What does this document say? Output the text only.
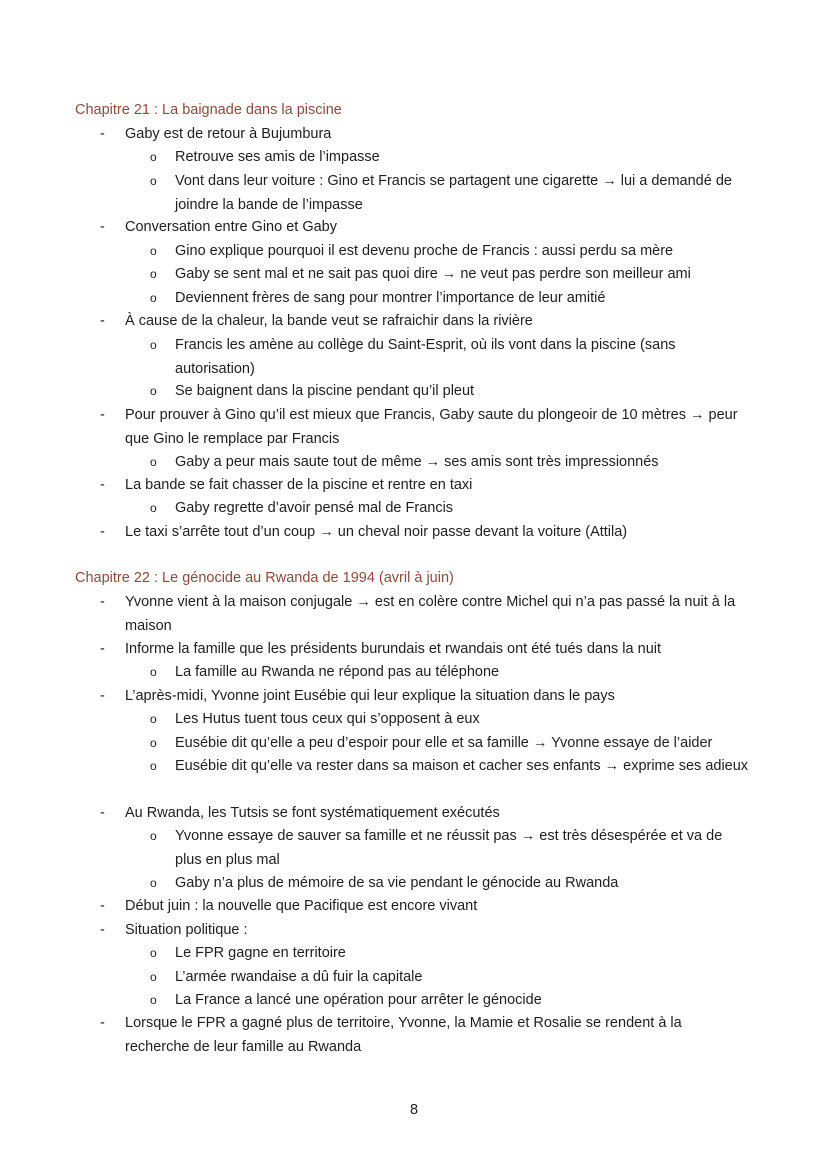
Chapitre 21 : La baignade dans la piscine
-	Gaby est de retour à Bujumbura
o	Retrouve ses amis de l’impasse
o	Vont dans leur voiture : Gino et Francis se partagent une cigarette → lui a demandé de joindre la bande de l’impasse
-	Conversation entre Gino et Gaby
o	Gino explique pourquoi il est devenu proche de Francis : aussi perdu sa mère
o	Gaby se sent mal et ne sait pas quoi dire → ne veut pas perdre son meilleur ami
o	Deviennent frères de sang pour montrer l’importance de leur amitié
-	À cause de la chaleur, la bande veut se rafraichir dans la rivière
o	Francis les amène au collège du Saint-Esprit, où ils vont dans la piscine (sans autorisation)
o	Se baignent dans la piscine pendant qu’il pleut
-	Pour prouver à Gino qu’il est mieux que Francis, Gaby saute du plongeoir de 10 mètres → peur que Gino le remplace par Francis
o	Gaby a peur mais saute tout de même → ses amis sont très impressionnés
-	La bande se fait chasser de la piscine et rentre en taxi
o	Gaby regrette d’avoir pensé mal de Francis
-	Le taxi s’arrête tout d’un coup → un cheval noir passe devant la voiture (Attila)
Chapitre 22 : Le génocide au Rwanda de 1994 (avril à juin)
-	Yvonne vient à la maison conjugale → est en colère contre Michel qui n’a pas passé la nuit à la maison
-	Informe la famille que les présidents burundais et rwandais ont été tués dans la nuit
o	La famille au Rwanda ne répond pas au téléphone
-	L’après-midi, Yvonne joint Eusébie qui leur explique la situation dans le pays
o	Les Hutus tuent tous ceux qui s’opposent à eux
o	Eusébie dit qu’elle a peu d’espoir pour elle et sa famille → Yvonne essaye de l’aider
o	Eusébie dit qu’elle va rester dans sa maison et cacher ses enfants → exprime ses adieux
-	Au Rwanda, les Tutsis se font systématiquement exécutés
o	Yvonne essaye de sauver sa famille et ne réussit pas → est très désespérée et va de plus en plus mal
o	Gaby n’a plus de mémoire de sa vie pendant le génocide au Rwanda
-	Début juin : la nouvelle que Pacifique est encore vivant
-	Situation politique :
o	Le FPR gagne en territoire
o	L’armée rwandaise a dû fuir la capitale
o	La France a lancé une opération pour arrêter le génocide
-	Lorsque le FPR a gagné plus de territoire, Yvonne, la Mamie et Rosalie se rendent à la recherche de leur famille au Rwanda
8
